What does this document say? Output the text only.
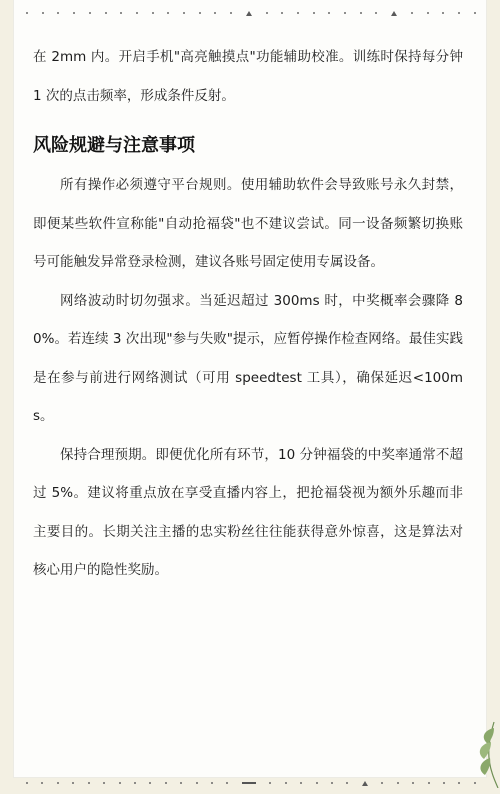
在 2mm 内。开启手机"高亮触摸点"功能辅助校准。训练时保持每分钟 1 次的点击频率，形成条件反射。

风险规避与注意事项

所有操作必须遵守平台规则。使用辅助软件会导致账号永久封禁，即便某些软件宣称能"自动抢福袋"也不建议尝试。同一设备频繁切换账号可能触发异常登录检测，建议各账号固定使用专属设备。

网络波动时切勿强求。当延迟超过 300ms 时，中奖概率会骤降 80%。若连续 3 次出现"参与失败"提示，应暂停操作检查网络。最佳实践是在参与前进行网络测试（可用 speedtest 工具），确保延迟<100ms。

保持合理预期。即便优化所有环节，10 分钟福袋的中奖率通常不超过 5%。建议将重点放在享受直播内容上，把抢福袋视为额外乐趣而非主要目的。长期关注主播的忠实粉丝往往能获得意外惊喜，这是算法对核心用户的隐性奖励。
